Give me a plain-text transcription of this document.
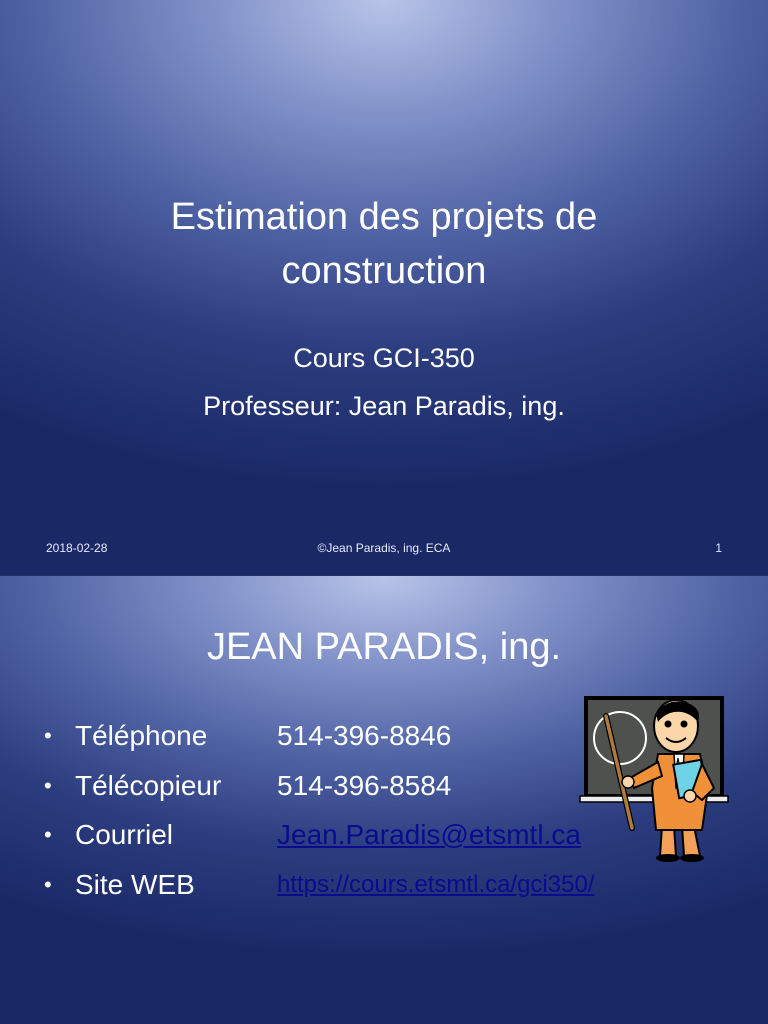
Estimation des projets de
construction
Cours GCI-350
Professeur: Jean Paradis, ing.
2018-02-28	©Jean Paradis, ing. ECA	1
JEAN PARADIS, ing.
• Téléphone 514-396-8846
• Télécopieur 514-396-8584
• Courriel	Jean.Paradis@etsmtl.ca
• Site WEB	https://cours.etsmtl.ca/gci350/
